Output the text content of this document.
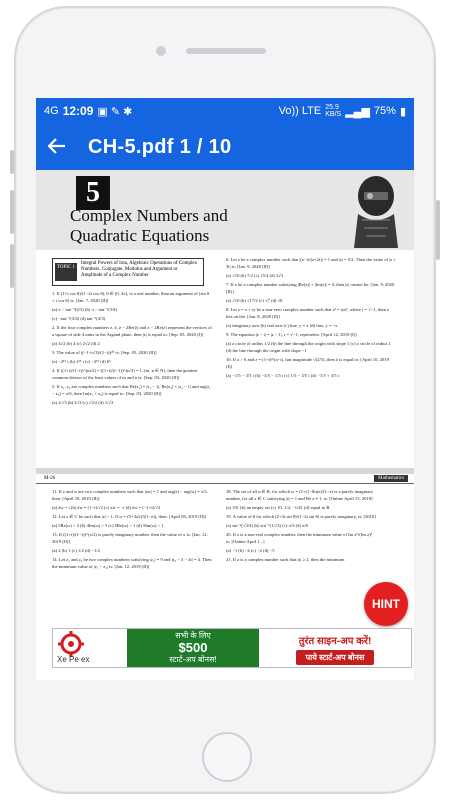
4G 12:09 ▣ ✎ ✱	Vo)) LTE 25.9
KB/S ▂▄▆ 75% ▮
CH-5.pdf 1 / 10
5
Complex Numbers and
Quadratic Equations
TOPIC 1
Integral Powers of Iota, Algebraic Operations of Complex Numbers, Conjugate, Modulus and Argument or Amplitude of a Complex Number

1. If (1+i cos θ)/(1−2i cos θ), θ ∈ [0, 2π], is a real number, then an argument of (sin θ + i cos θ) is: [Jan. 7, 2020 (II)]

(a) π − tan⁻¹(4/3) (b) π − tan⁻¹(3/4)

(c) −tan⁻¹(3/4) (d) tan⁻¹(4/3)

2. If the four complex numbers z, z̄, z̄ − 2Re(z̄) and z − 2Re(z) represent the vertices of a square of side 4 units in the Argand plane, then |z| is equal to: [Sep. 05, 2020 (I)]

(a) 4√2 (b) 4 (c) 2√2 (d) 2

3. The value of ((−1+i√3)/(1−i))³⁰ is: [Sep. 05, 2020 (II)]

(a) −2¹⁵ i (b) 2¹⁵ i (c) −2¹⁵ (d) 6⁵

4. If ((1+i)/(1−i))^(m/2) = ((1+i)/(i−1))^(n/3) = 1, (m, n ∈ N), then the greatest common divisor of the least values of m and n is: [Sep. 03, 2020 (II)]

5. If z₁, z₂ are complex numbers such that Re(z₁) = |z₁ − 1|, Re(z₂) = |z₂ − 1| and arg(z₁ − z₂) = π/6, then Im(z₁ + z₂) is equal to: [Sep. 03, 2020 (II)]

(a) 2/√3 (b) 2√3 (c) √3/2 (d) 1/√3

6. Let z be a complex number such that |(z−i)/(z+2i)| = 1 and |z| = 5/2. Then the value of |z + 3i| is: [Jan. 9, 2020 (II)]

(a) √10 (b) 7/2 (c) 15/4 (d) 2√3

7. If z be a complex number satisfying |Re(z)| + |Im(z)| = 4, then |z| cannot be: [Jan. 9, 2020 (II)]

(a) √10 (b) √17/2 (c) √7 (d) √8

8. Let z = x + iy be a non-zero complex number such that z² = i|z|², where i = √−1, then z lies on the: [Jan. 8, 2020 (II)]

(a) imaginary axis (b) real axis (c) line, y = x (d) line, y = −x

9. The equation |z − i| = |z − 1|, i = √−1, represents: [April 12, 2019 (I)]

(a) a circle of radius 1/2 (b) the line through the origin with slope 1 (c) a circle of radius 1 (d) the line through the origin with slope −1

10. If a > 0 and z = (1+i)²/(a−i), has magnitude √(2/5), then z̄ is equal to: [April 10, 2019 (I)]

(a) −1/5 − 3/5 i (b) −3/5 − 1/5 i (c) 1/5 − 3/5 i (d) −1/5 + 3/5 i

M-26	Mathematics

11. If z and w are two complex numbers such that |zw| = 1 and arg(z) − arg(w) = π/2, then: [April 10, 2019 (II)]

(a) z̄w = i (b) z̄w = (1−i)/√2 (c) zw̄ = −i (d) z̄w = (−1+i)/√2

12. Let z ∈ C be such that |z| < 1. If ω = (5+3z)/(5(1−z)), then: [April 09, 2019 (II)]

(a) 5Re(ω) > 4 (b) 4Im(ω) > 5 (c) 5Re(ω) > 1 (d) 5Im(ω) < 1

13. If ((1+i)/(1−i))^(x/2) is purely imaginary number, then the value of x is: [Jan. 12, 2019 (II)]

(a) 2 (b) 1 (c) 1/2 (d) −1/2

14. Let z₁ and z₂ be two complex numbers satisfying |z₁| = 9 and |z₂ − 3 − 4i| = 4. Then the minimum value of |z₁ − z₂| is: [Jan. 12, 2019 (II)]

18. The set of all α ∈ R, for which w = (1+(1−8α)z)/(1−z) is a purely imaginary number, for all z ∈ C satisfying |z| = 1 and Re z ≠ 1, is: [Online April 15, 2018]

(a) {0} (b) an empty set (c) {0, 1/4, −1/4} (d) equal to R

19. A value of θ for which (2+3i sin θ)/(1−2i sin θ) is purely imaginary, is: [2016]

(a) sin⁻¹(√3/4) (b) sin⁻¹(1/√3) (c) π/3 (d) π/6

20. If z is a non-real complex number, then the minimum value of Im z⁵/(Im z)⁵ is: [Online April 1...]

(a) −1 (b) −4 (c) −2 (d) −5

21. If z is a complex number such that |z| ≥ 2, then the minimum

HINT
Xe Pe ex
सभी के लिए
$500
स्टार्ट-अप बोनस!
तुरंत साइन-अप करें!
पाये स्टार्ट-अप बोनस
